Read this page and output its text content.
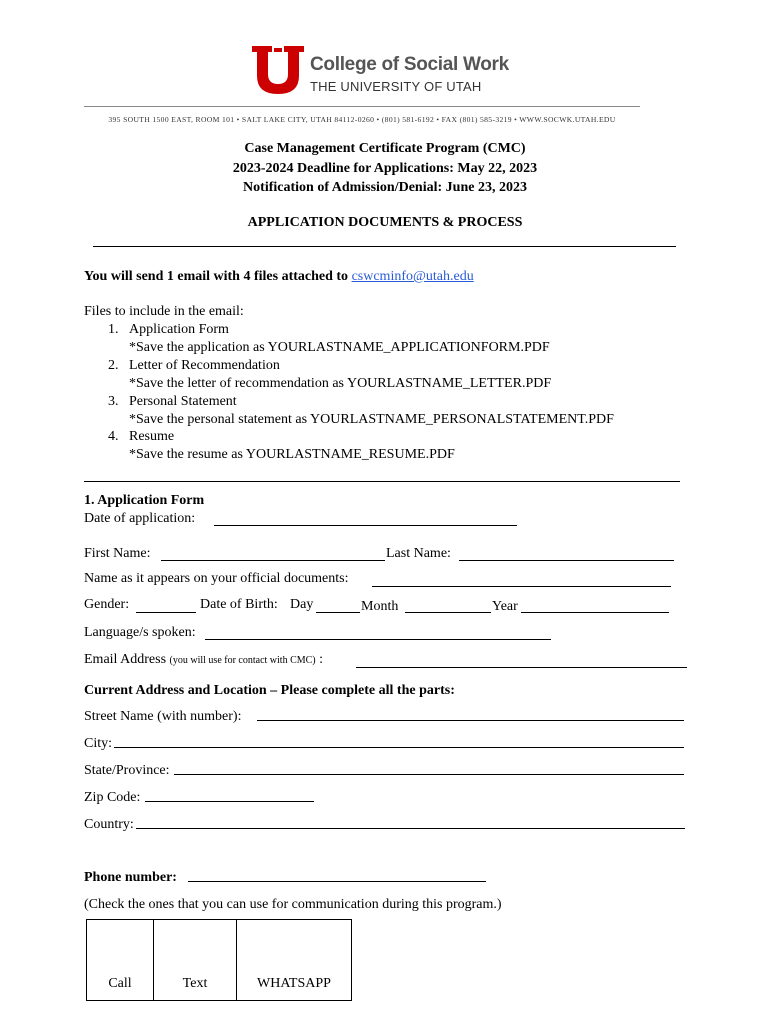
College of Social Work
THE UNIVERSITY OF UTAH
395 SOUTH 1500 EAST, ROOM 101 • SALT LAKE CITY, UTAH 84112-0260 • (801) 581-6192 • FAX (801) 585-3219 • WWW.SOCWK.UTAH.EDU
Case Management Certificate Program (CMC)
2023-2024 Deadline for Applications: May 22, 2023
Notification of Admission/Denial: June 23, 2023
APPLICATION DOCUMENTS & PROCESS
You will send 1 email with 4 files attached to cswcminfo@utah.edu
Files to include in the email:
1. Application Form
*Save the application as YOURLASTNAME_APPLICATIONFORM.PDF
2. Letter of Recommendation
*Save the letter of recommendation as YOURLASTNAME_LETTER.PDF
3. Personal Statement
*Save the personal statement as YOURLASTNAME_PERSONALSTATEMENT.PDF
4. Resume
*Save the resume as YOURLASTNAME_RESUME.PDF
1. Application Form
Date of application:
First Name:	Last Name:
Name as it appears on your official documents:
Gender:	Date of Birth: Day	Month	Year
Language/s spoken:
Email Address (you will use for contact with CMC) :
Current Address and Location – Please complete all the parts:
Street Name (with number):
City:
State/Province:
Zip Code:
Country:
Phone number:
(Check the ones that you can use for communication during this program.)
Call	Text	WHATSAPP
